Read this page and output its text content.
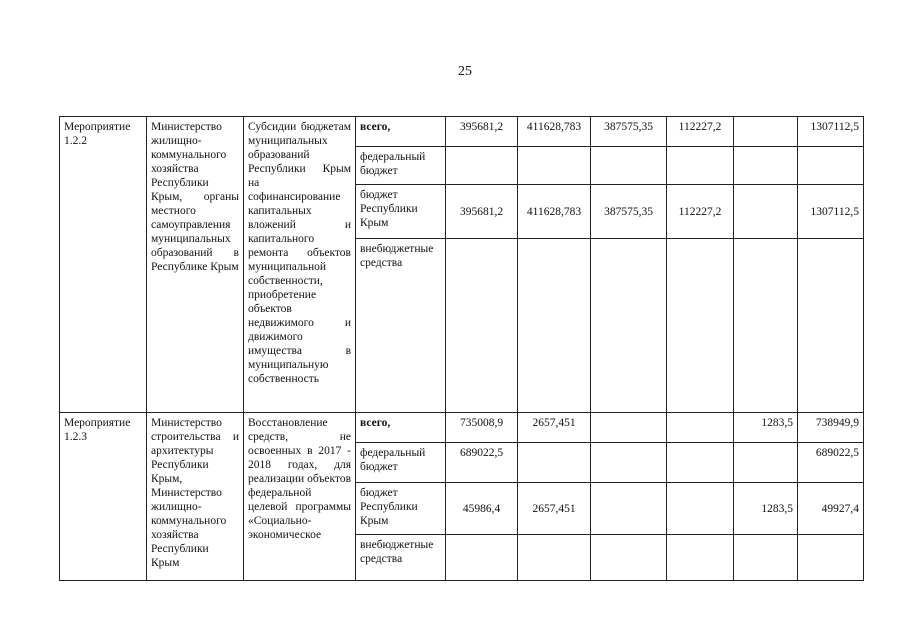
25
Мероприятие 1.2.2	Министерство жилищно-коммунального хозяйства Республики Крым, органы местного самоуправления муниципальных образований в Республике Крым	Субсидии бюджетам муниципальных образований Республики Крым на софинансирование капитальных вложений и капитального ремонта объектов муниципальной собственности, приобретение объектов недвижимого и движимого имущества в муниципальную собственность	всего,	395681,2	411628,783	387575,35	112227,2		1307112,5
			федеральный бюджет						
			бюджет Республики Крым	395681,2	411628,783	387575,35	112227,2		1307112,5
			внебюджетные средства						
Мероприятие 1.2.3	Министерство строительства и архитектуры Республики Крым, Министерство жилищно-коммунального хозяйства Республики Крым	Восстановление средств, не освоенных в 2017 - 2018 годах, для реализации объектов федеральной целевой программы «Социально-экономическое	всего,	735008,9	2657,451			1283,5	738949,9
			федеральный бюджет	689022,5					689022,5
			бюджет Республики Крым	45986,4	2657,451			1283,5	49927,4
			внебюджетные средства						
